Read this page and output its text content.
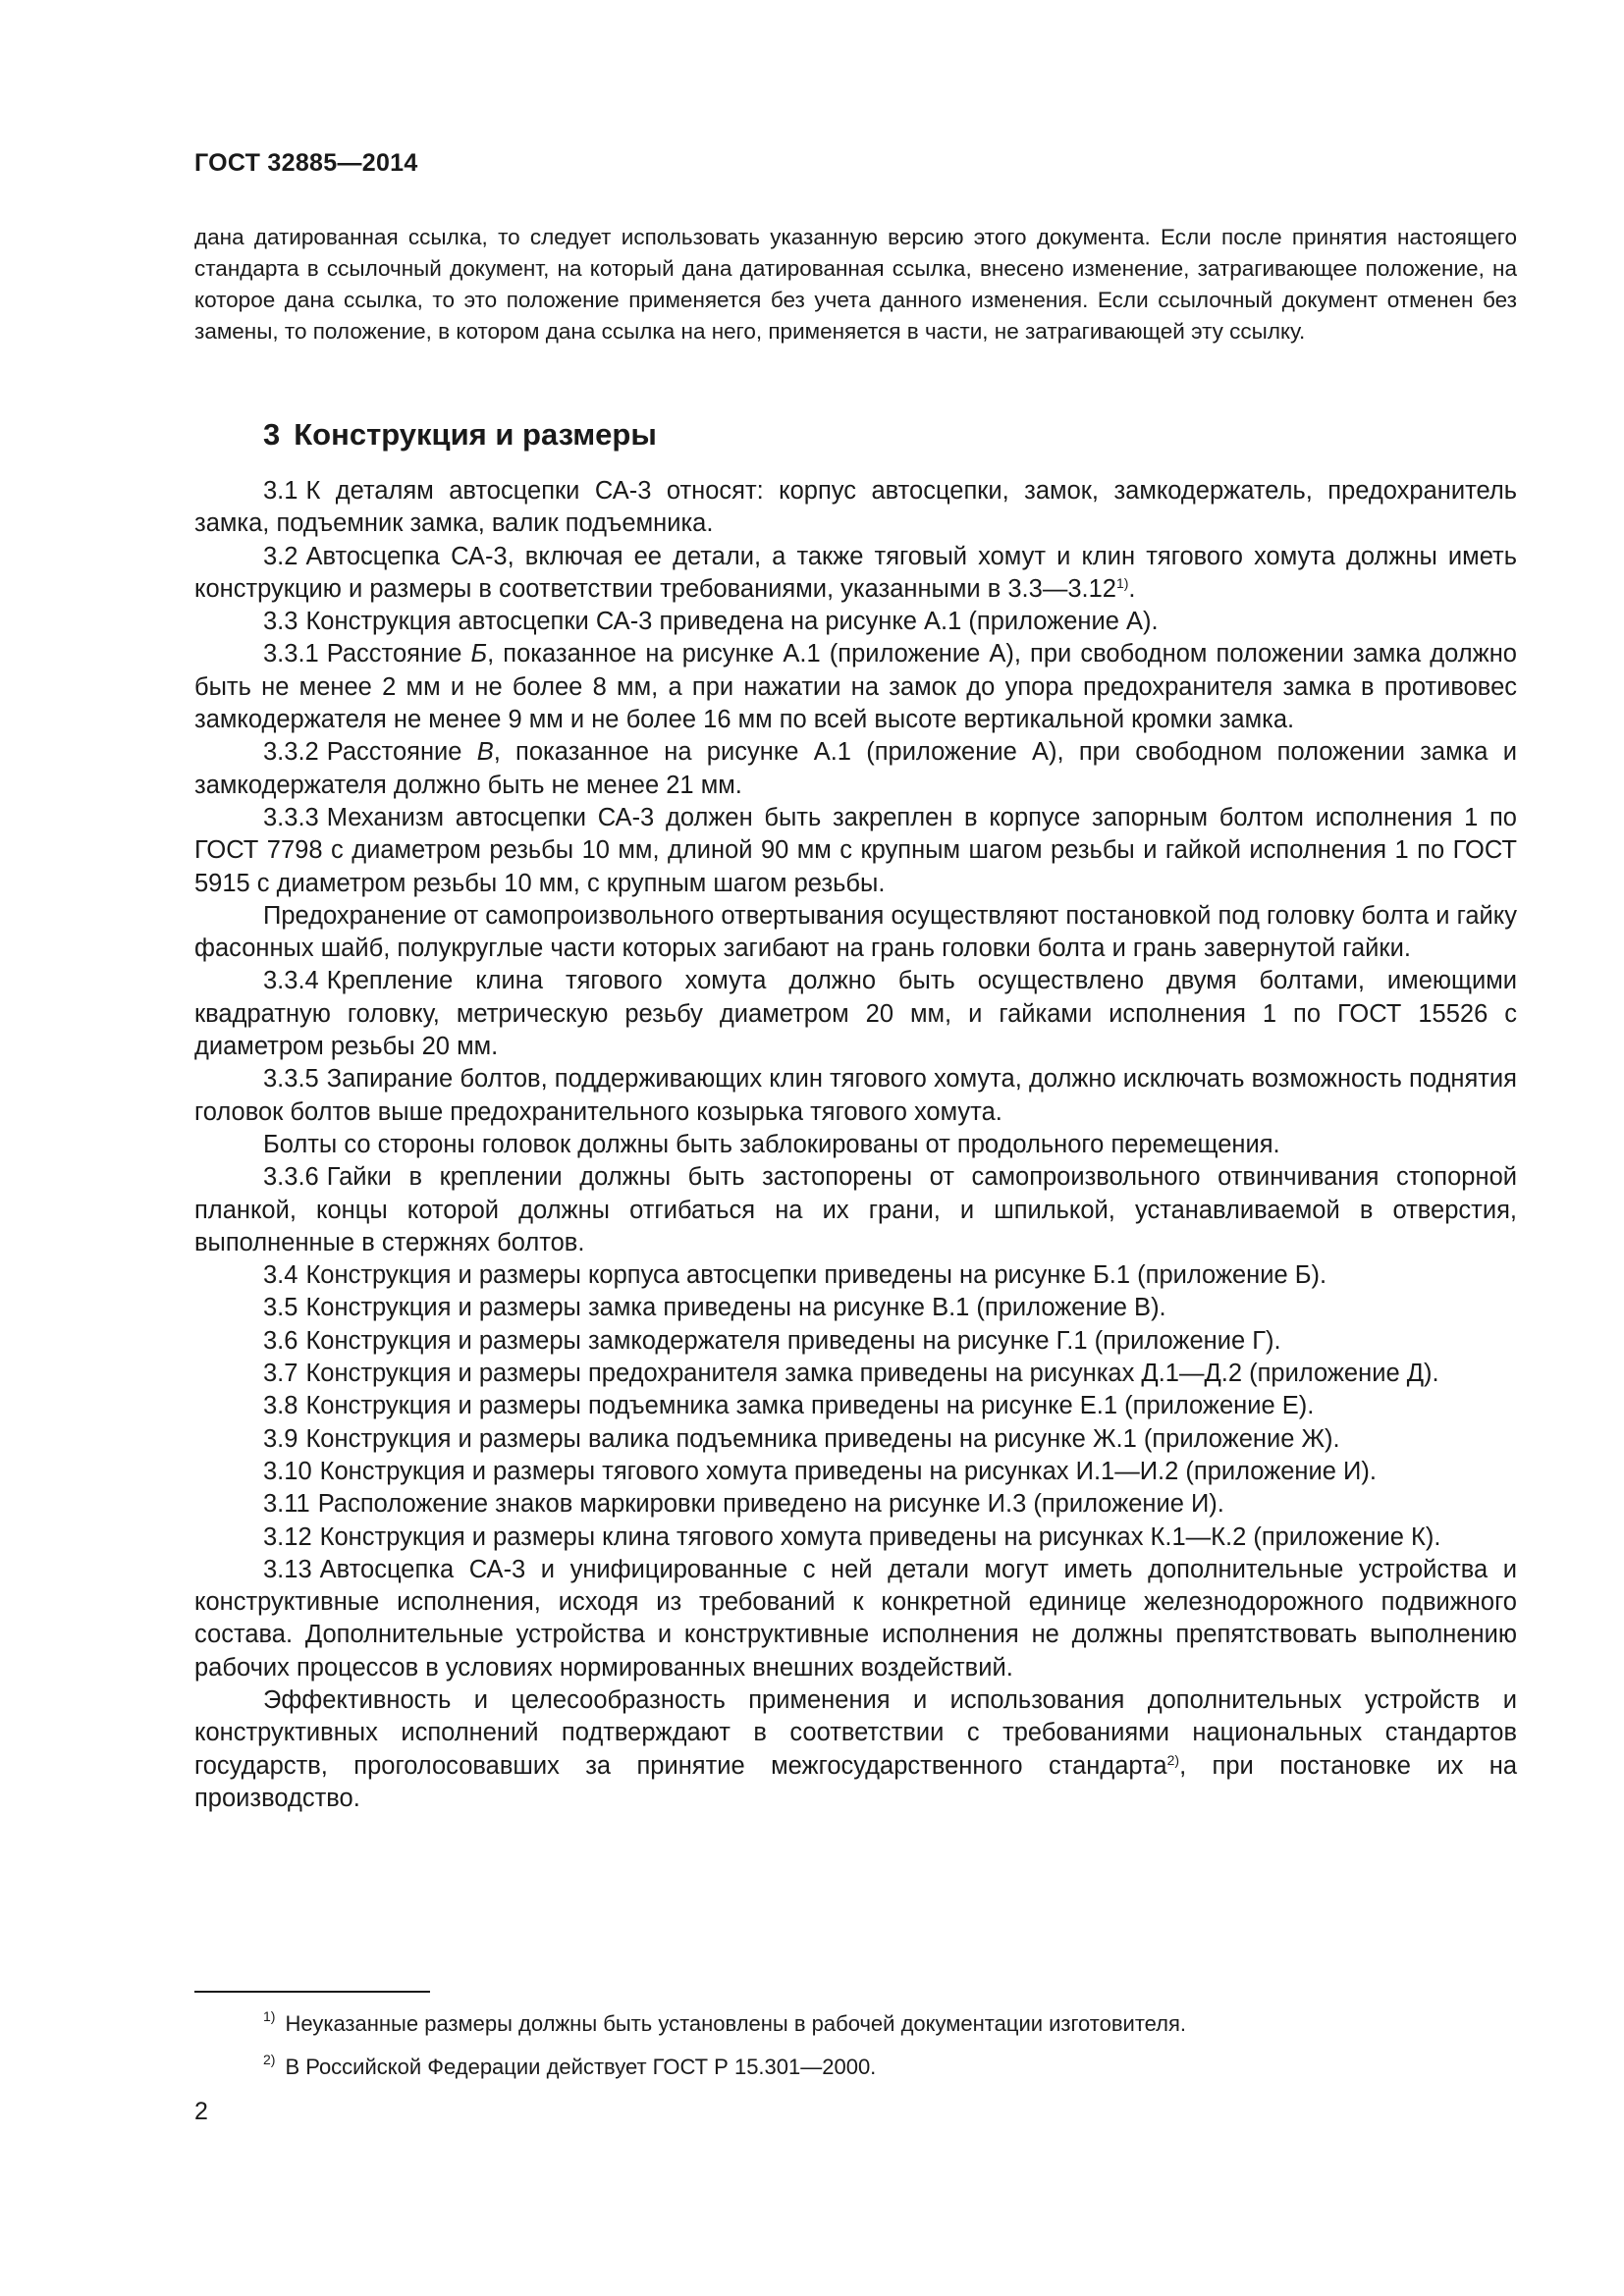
ГОСТ 32885—2014

дана датированная ссылка, то следует использовать указанную версию этого документа. Если после принятия настоящего стандарта в ссылочный документ, на который дана датированная ссылка, внесено изменение, затрагивающее положение, на которое дана ссылка, то это положение применяется без учета данного изменения. Если ссылочный документ отменен без замены, то положение, в котором дана ссылка на него, применяется в части, не затрагивающей эту ссылку.

3 Конструкция и размеры

3.1 К деталям автосцепки СА-3 относят: корпус автосцепки, замок, замкодержатель, предохранитель замка, подъемник замка, валик подъемника.

3.2 Автосцепка СА-3, включая ее детали, а также тяговый хомут и клин тягового хомута должны иметь конструкцию и размеры в соответствии требованиями, указанными в 3.3—3.12$^{1)}$.

3.3 Конструкция автосцепки СА-3 приведена на рисунке А.1 (приложение А).

3.3.1 Расстояние Б, показанное на рисунке А.1 (приложение А), при свободном положении замка должно быть не менее 2 мм и не более 8 мм, а при нажатии на замок до упора предохранителя замка в противовес замкодержателя не менее 9 мм и не более 16 мм по всей высоте вертикальной кромки замка.

3.3.2 Расстояние В, показанное на рисунке А.1 (приложение А), при свободном положении замка и замкодержателя должно быть не менее 21 мм.

3.3.3 Механизм автосцепки СА-3 должен быть закреплен в корпусе запорным болтом исполнения 1 по ГОСТ 7798 с диаметром резьбы 10 мм, длиной 90 мм с крупным шагом резьбы и гайкой исполнения 1 по ГОСТ 5915 с диаметром резьбы 10 мм, с крупным шагом резьбы.

Предохранение от самопроизвольного отвертывания осуществляют постановкой под головку болта и гайку фасонных шайб, полукруглые части которых загибают на грань головки болта и грань завернутой гайки.

3.3.4 Крепление клина тягового хомута должно быть осуществлено двумя болтами, имеющими квадратную головку, метрическую резьбу диаметром 20 мм, и гайками исполнения 1 по ГОСТ 15526 с диаметром резьбы 20 мм.

3.3.5 Запирание болтов, поддерживающих клин тягового хомута, должно исключать возможность поднятия головок болтов выше предохранительного козырька тягового хомута.

Болты со стороны головок должны быть заблокированы от продольного перемещения.

3.3.6 Гайки в креплении должны быть застопорены от самопроизвольного отвинчивания стопорной планкой, концы которой должны отгибаться на их грани, и шпилькой, устанавливаемой в отверстия, выполненные в стержнях болтов.

3.4 Конструкция и размеры корпуса автосцепки приведены на рисунке Б.1 (приложение Б).

3.5 Конструкция и размеры замка приведены на рисунке В.1 (приложение В).

3.6 Конструкция и размеры замкодержателя приведены на рисунке Г.1 (приложение Г).

3.7 Конструкция и размеры предохранителя замка приведены на рисунках Д.1—Д.2 (приложение Д).

3.8 Конструкция и размеры подъемника замка приведены на рисунке Е.1 (приложение Е).

3.9 Конструкция и размеры валика подъемника приведены на рисунке Ж.1 (приложение Ж).

3.10 Конструкция и размеры тягового хомута приведены на рисунках И.1—И.2 (приложение И).

3.11 Расположение знаков маркировки приведено на рисунке И.3 (приложение И).

3.12 Конструкция и размеры клина тягового хомута приведены на рисунках К.1—К.2 (приложение К).

3.13 Автосцепка СА-3 и унифицированные с ней детали могут иметь дополнительные устройства и конструктивные исполнения, исходя из требований к конкретной единице железнодорожного подвижного состава. Дополнительные устройства и конструктивные исполнения не должны препятствовать выполнению рабочих процессов в условиях нормированных внешних воздействий.

Эффективность и целесообразность применения и использования дополнительных устройств и конструктивных исполнений подтверждают в соответствии с требованиями национальных стандартов государств, проголосовавших за принятие межгосударственного стандарта$^{2)}$, при постановке их на производство.

$^{1)}$ Неуказанные размеры должны быть установлены в рабочей документации изготовителя.

$^{2)}$ В Российской Федерации действует ГОСТ Р 15.301—2000.

2
